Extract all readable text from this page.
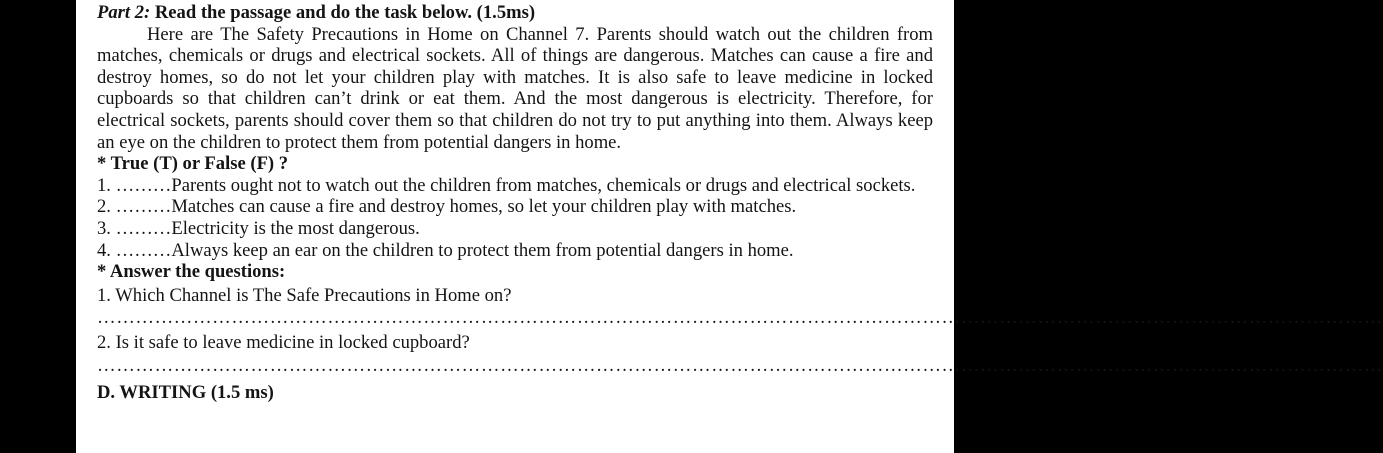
Part 2: Read the passage and do the task below. (1.5ms)

Here are The Safety Precautions in Home on Channel 7. Parents should watch out the children from matches, chemicals or drugs and electrical sockets. All of things are dangerous. Matches can cause a fire and destroy homes, so do not let your children play with matches. It is also safe to leave medicine in locked cupboards so that children can’t drink or eat them. And the most dangerous is electricity. Therefore, for electrical sockets, parents should cover them so that children do not try to put anything into them. Always keep an eye on the children to protect them from potential dangers in home.

* True (T) or False (F) ?

1. ………Parents ought not to watch out the children from matches, chemicals or drugs and electrical sockets.

2. ………Matches can cause a fire and destroy homes, so let your children play with matches.

3. ………Electricity is the most dangerous.

4. ………Always keep an ear on the children to protect them from potential dangers in home.

* Answer the questions:

1. Which Channel is The Safe Precautions in Home on?

…………………………………………………………………………………………………………………………………………………………………………………

2. Is it safe to leave medicine in locked cupboard?

…………………………………………………………………………………………………………………………………………………………………………………
D. WRITING (1.5 ms)
